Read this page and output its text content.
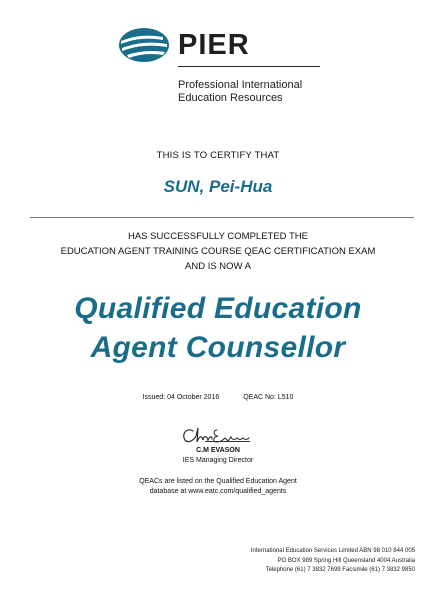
PIER
Professional International
Education Resources
THIS IS TO CERTIFY THAT
SUN, Pei-Hua
HAS SUCCESSFULLY COMPLETED THE
EDUCATION AGENT TRAINING COURSE QEAC CERTIFICATION EXAM
AND IS NOW A
Qualified Education
Agent Counsellor
Issued: 04 October 2016	QEAC No: L510
C.M EVASON
IES Managing Director
QEACs are listed on the Qualified Education Agent
database at www.eatc.com/qualified_agents
International Education Services Limited ABN 98 010 844 005
PO BOX 989 Spring Hill Queensland 4004 Australia
Telephone (61) 7 3832 7699 Facsimile (61) 7 3832 9850
